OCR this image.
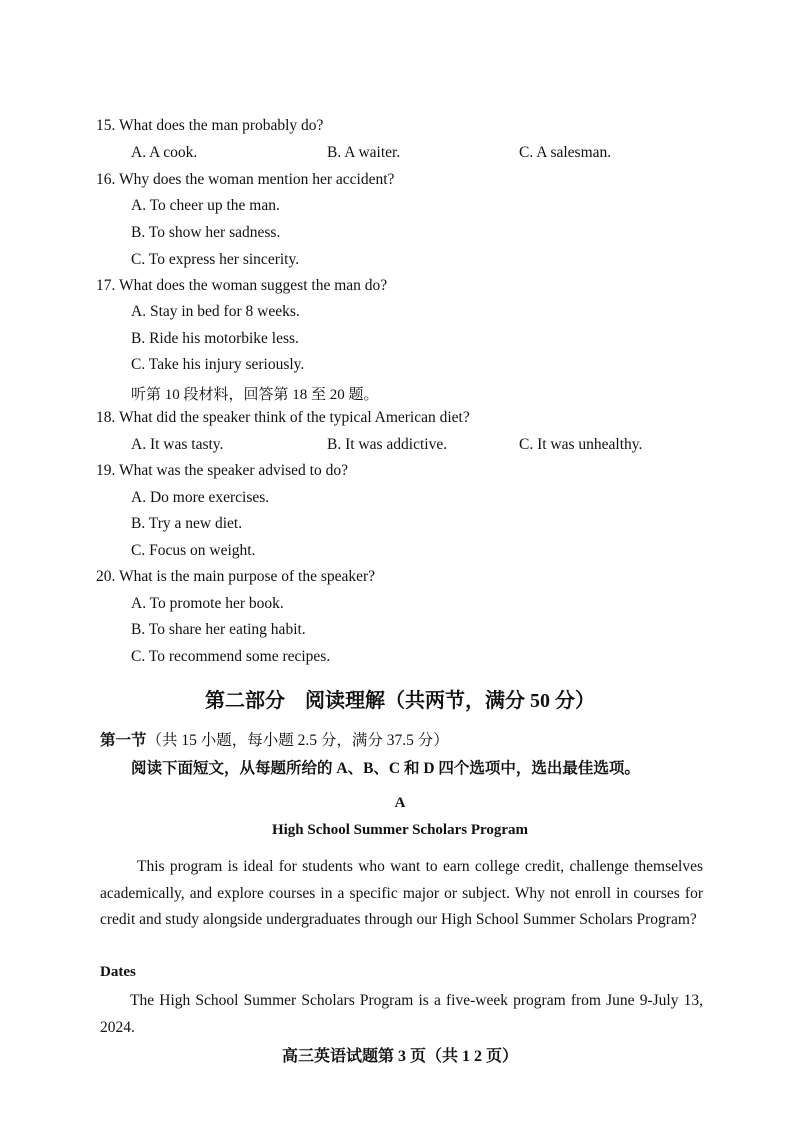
15. What does the man probably do?
A. A cook.	B. A waiter.	C. A salesman.
16. Why does the woman mention her accident?
A. To cheer up the man.
B. To show her sadness.
C. To express her sincerity.
17. What does the woman suggest the man do?
A. Stay in bed for 8 weeks.
B. Ride his motorbike less.
C. Take his injury seriously.
听第 10 段材料，回答第 18 至 20 题。
18. What did the speaker think of the typical American diet?
A. It was tasty.	B. It was addictive.	C. It was unhealthy.
19. What was the speaker advised to do?
A. Do more exercises.
B. Try a new diet.
C. Focus on weight.
20. What is the main purpose of the speaker?
A. To promote her book.
B. To share her eating habit.
C. To recommend some recipes.
第二部分　阅读理解（共两节，满分 50 分）
第一节（共 15 小题，每小题 2.5 分，满分 37.5 分）
阅读下面短文，从每题所给的 A、B、C 和 D 四个选项中，选出最佳选项。
A
High School Summer Scholars Program
This program is ideal for students who want to earn college credit, challenge themselves academically, and explore courses in a specific major or subject. Why not enroll in courses for credit and study alongside undergraduates through our High School Summer Scholars Program?
Dates
The High School Summer Scholars Program is a five-week program from June 9-July 13, 2024.
高三英语试题第 3 页（共 1 2 页）
